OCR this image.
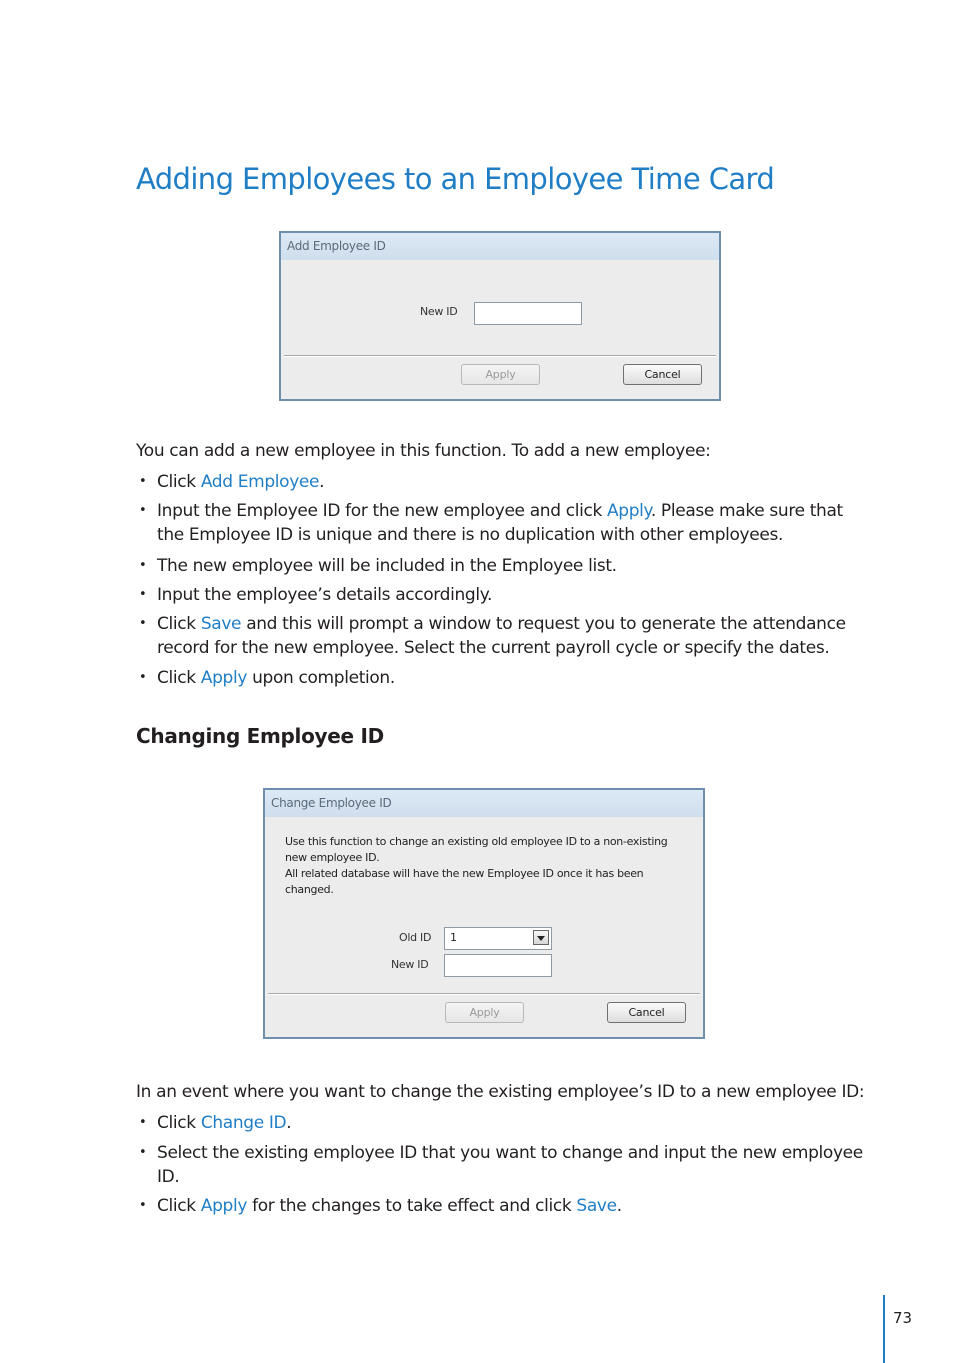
Adding Employees to an Employee Time Card
Add Employee ID
New ID
Apply	Cancel

You can add a new employee in this function. To add a new employee:

• Click Add Employee.
• Input the Employee ID for the new employee and click Apply. Please make sure that
the Employee ID is unique and there is no duplication with other employees.
• The new employee will be included in the Employee list.
• Input the employee’s details accordingly.
• Click Save and this will prompt a window to request you to generate the attendance
record for the new employee. Select the current payroll cycle or specify the dates.
• Click Apply upon completion.
Changing Employee ID
Change Employee ID
Use this function to change an existing old employee ID to a non-existing
new employee ID.
All related database will have the new Employee ID once it has been
changed.
Old ID	1
New ID
Apply	Cancel

In an event where you want to change the existing employee’s ID to a new employee ID:

• Click Change ID.
• Select the existing employee ID that you want to change and input the new employee
ID.
• Click Apply for the changes to take effect and click Save.
73
